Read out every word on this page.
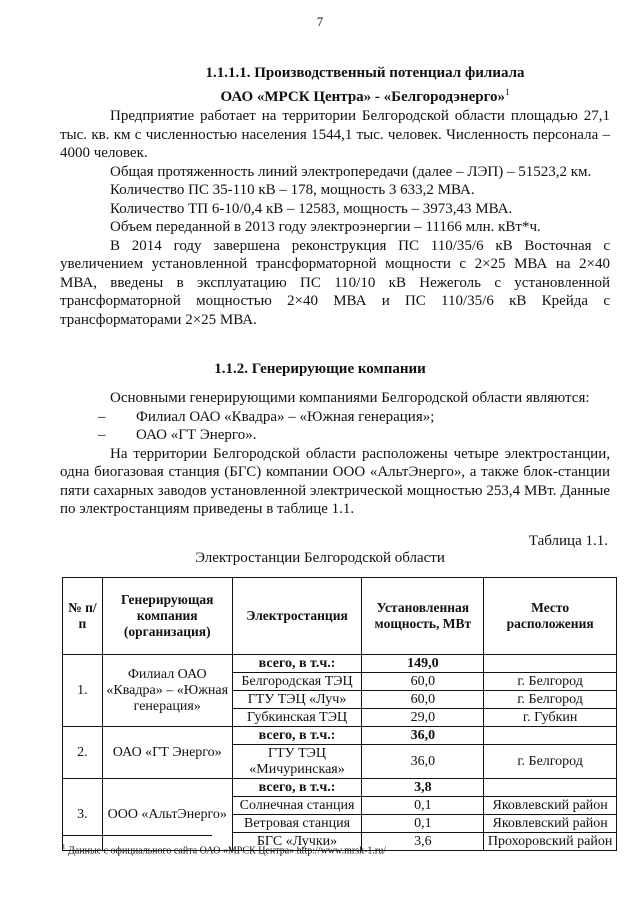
7
1.1.1.1. Производственный потенциал филиала
ОАО «МРСК Центра» - «Белгородэнерго»$^1$

Предприятие работает на территории Белгородской области площадью 27,1 тыс. кв. км с численностью населения 1544,1 тыс. человек. Численность персонала – 4000 человек.

Общая протяженность линий электропередачи (далее – ЛЭП) – 51523,2 км.

Количество ПС 35-110 кВ – 178, мощность 3 633,2 МВА.

Количество ТП 6-10/0,4 кВ – 12583, мощность – 3973,43 МВА.

Объем переданной в 2013 году электроэнергии – 11166 млн. кВт*ч.

В 2014 году завершена реконструкция ПС 110/35/6 кВ Восточная с увеличением установленной трансформаторной мощности с 2×25 МВА на 2×40 МВА, введены в эксплуатацию ПС 110/10 кВ Нежеголь с установленной трансформаторной мощностью 2×40 МВА и ПС 110/35/6 кВ Крейда с трансформаторами 2×25 МВА.

1.1.2. Генерирующие компании

Основными генерирующими компаниями Белгородской области являются:

–	Филиал ОАО «Квадра» – «Южная генерация»;
–	ОАО «ГТ Энерго».

На территории Белгородской области расположены четыре электростанции, одна биогазовая станция (БГС) компании ООО «АльтЭнерго», а также блок-станции пяти сахарных заводов установленной электрической мощностью 253,4 МВт. Данные по электростанциям приведены в таблице 1.1.

Таблица 1.1.
Электростанции Белгородской области
№ п/п	Генерирующая компания (организация)	Электростанция	Установленная мощность, МВт	Место расположения
1.	Филиал ОАО «Квадра» – «Южная генерация»	всего, в т.ч.:	149,0	
		Белгородская ТЭЦ	60,0	г. Белгород
		ГТУ ТЭЦ «Луч»	60,0	г. Белгород
		Губкинская ТЭЦ	29,0	г. Губкин
2.	ОАО «ГТ Энерго»	всего, в т.ч.:	36,0	
		ГТУ ТЭЦ «Мичуринская»	36,0	г. Белгород
3.	ООО «АльтЭнерго»	всего, в т.ч.:	3,8	
		Солнечная станция	0,1	Яковлевский район
		Ветровая станция	0,1	Яковлевский район
		БГС «Лучки»	3,6	Прохоровский район
$^1$ Данные с официального сайта ОАО «МРСК Центра» http://www.mrsk-1.ru/
